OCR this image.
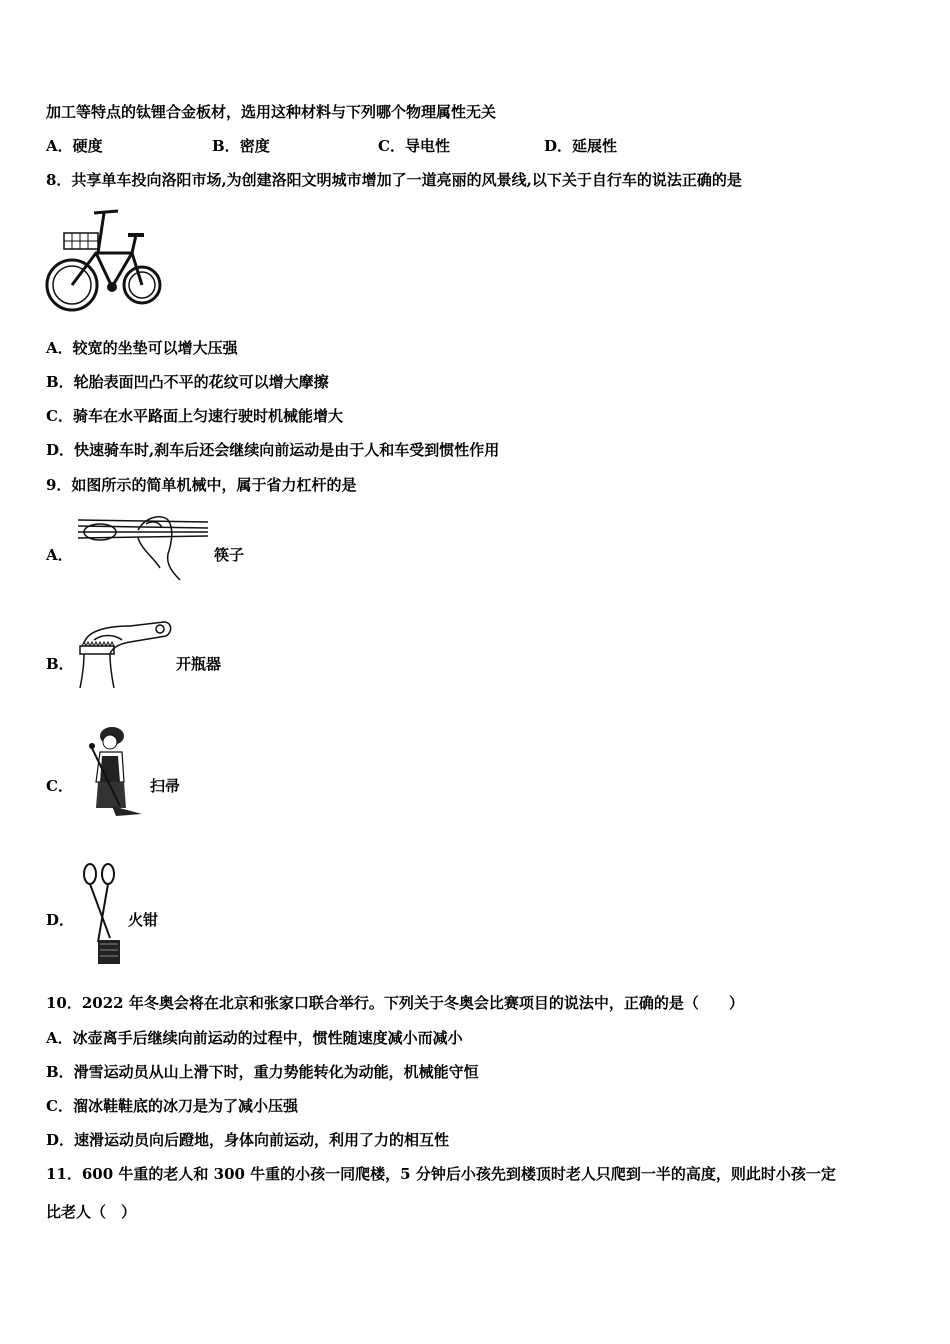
加工等特点的钛锂合金板材，选用这种材料与下列哪个物理属性无关
A．硬度	B．密度	C．导电性	D．延展性
8．共享单车投向洛阳市场,为创建洛阳文明城市增加了一道亮丽的风景线,以下关于自行车的说法正确的是
A．较宽的坐垫可以增大压强
B．轮胎表面凹凸不平的花纹可以增大摩擦
C．骑车在水平路面上匀速行驶时机械能增大
D．快速骑车时,刹车后还会继续向前运动是由于人和车受到惯性作用
9．如图所示的简单机械中，属于省力杠杆的是
A．	筷子
B．	开瓶器
C．	扫帚
D．	火钳
10．2022 年冬奥会将在北京和张家口联合举行。下列关于冬奥会比赛项目的说法中，正确的是（　　）
A．冰壶离手后继续向前运动的过程中，惯性随速度减小而减小
B．滑雪运动员从山上滑下时，重力势能转化为动能，机械能守恒
C．溜冰鞋鞋底的冰刀是为了减小压强
D．速滑运动员向后蹬地，身体向前运动，利用了力的相互性
11．600 牛重的老人和 300 牛重的小孩一同爬楼，5 分钟后小孩先到楼顶时老人只爬到一半的高度，则此时小孩一定
比老人（　）
